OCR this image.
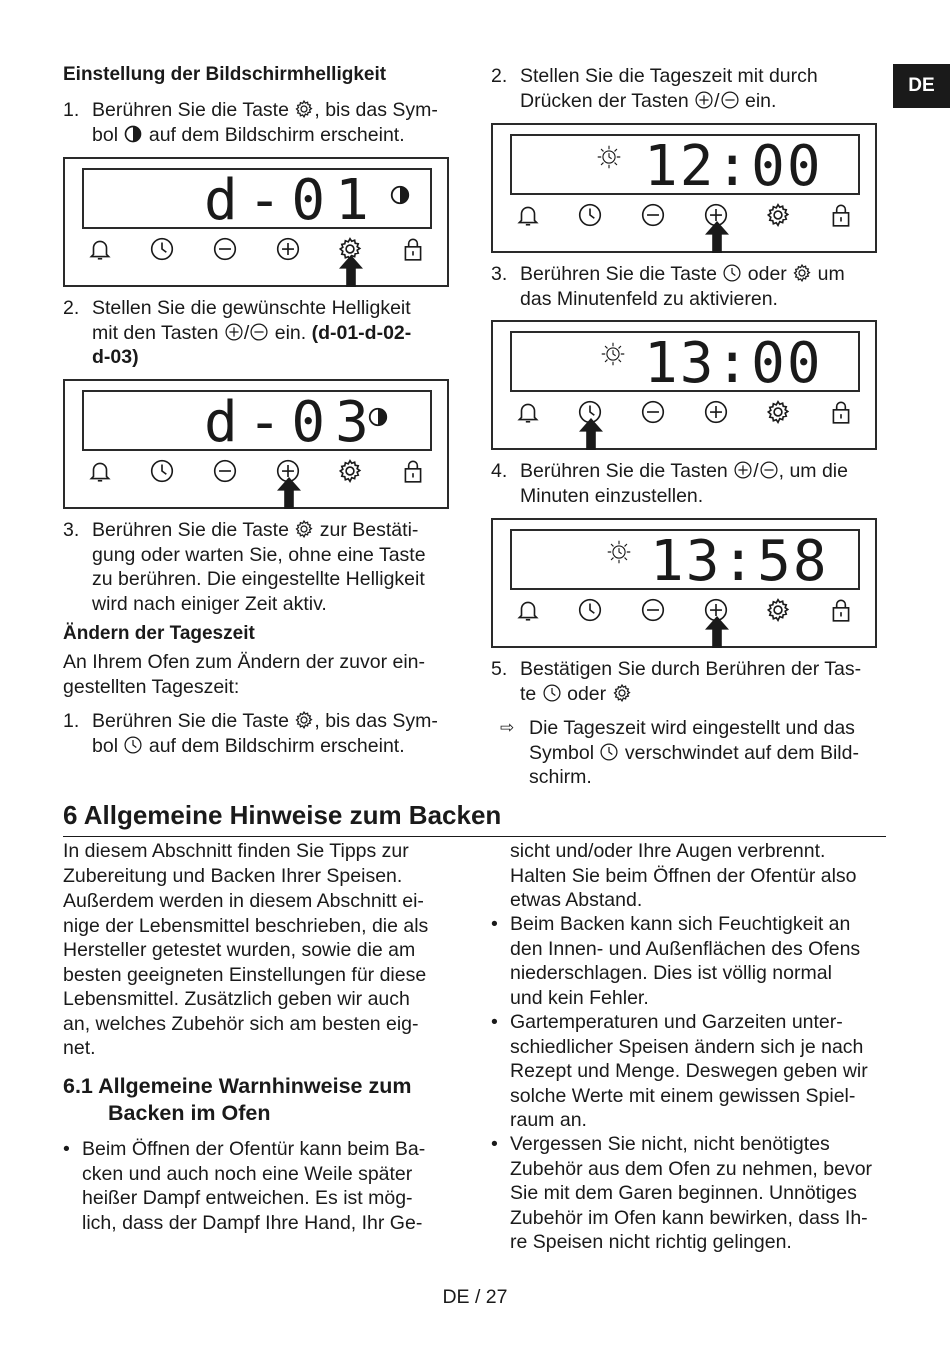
DE
Einstellung der Bildschirmhelligkeit
1. Berühren Sie die Taste , bis das Sym-
bol  auf dem Bildschirm erscheint.
d-01
2. Stellen Sie die gewünschte Helligkeit
mit den Tasten / ein. (d-01-d-02-
d-03)
d-03
3. Berühren Sie die Taste  zur Bestäti-
gung oder warten Sie, ohne eine Taste
zu berühren. Die eingestellte Helligkeit
wird nach einiger Zeit aktiv.
Ändern der Tageszeit
An Ihrem Ofen zum Ändern der zuvor ein-
gestellten Tageszeit:
1. Berühren Sie die Taste , bis das Sym-
bol  auf dem Bildschirm erscheint.
2. Stellen Sie die Tageszeit mit durch
Drücken der Tasten / ein.
12:00
3. Berühren Sie die Taste  oder  um
das Minutenfeld zu aktivieren.
13:00
4. Berühren Sie die Tasten / , um die
Minuten einzustellen.
13:58
5. Bestätigen Sie durch Berühren der Tas-
te  oder
⇨ Die Tageszeit wird eingestellt und das
Symbol  verschwindet auf dem Bild-
schirm.
6 Allgemeine Hinweise zum Backen
In diesem Abschnitt finden Sie Tipps zur
Zubereitung und Backen Ihrer Speisen.
Außerdem werden in diesem Abschnitt ei-
nige der Lebensmittel beschrieben, die als
Hersteller getestet wurden, sowie die am
besten geeigneten Einstellungen für diese
Lebensmittel. Zusätzlich geben wir auch
an, welches Zubehör sich am besten eig-
net.
6.1 Allgemeine Warnhinweise zum
Backen im Ofen
• Beim Öffnen der Ofentür kann beim Ba-
cken und auch noch eine Weile später
heißer Dampf entweichen. Es ist mög-
lich, dass der Dampf Ihre Hand, Ihr Ge-
sicht und/oder Ihre Augen verbrennt.
Halten Sie beim Öffnen der Ofentür also
etwas Abstand.
• Beim Backen kann sich Feuchtigkeit an
den Innen- und Außenflächen des Ofens
niederschlagen. Dies ist völlig normal
und kein Fehler.
• Gartemperaturen und Garzeiten unter-
schiedlicher Speisen ändern sich je nach
Rezept und Menge. Deswegen geben wir
solche Werte mit einem gewissen Spiel-
raum an.
• Vergessen Sie nicht, nicht benötigtes
Zubehör aus dem Ofen zu nehmen, bevor
Sie mit dem Garen beginnen. Unnötiges
Zubehör im Ofen kann bewirken, dass Ih-
re Speisen nicht richtig gelingen.
DE / 27
